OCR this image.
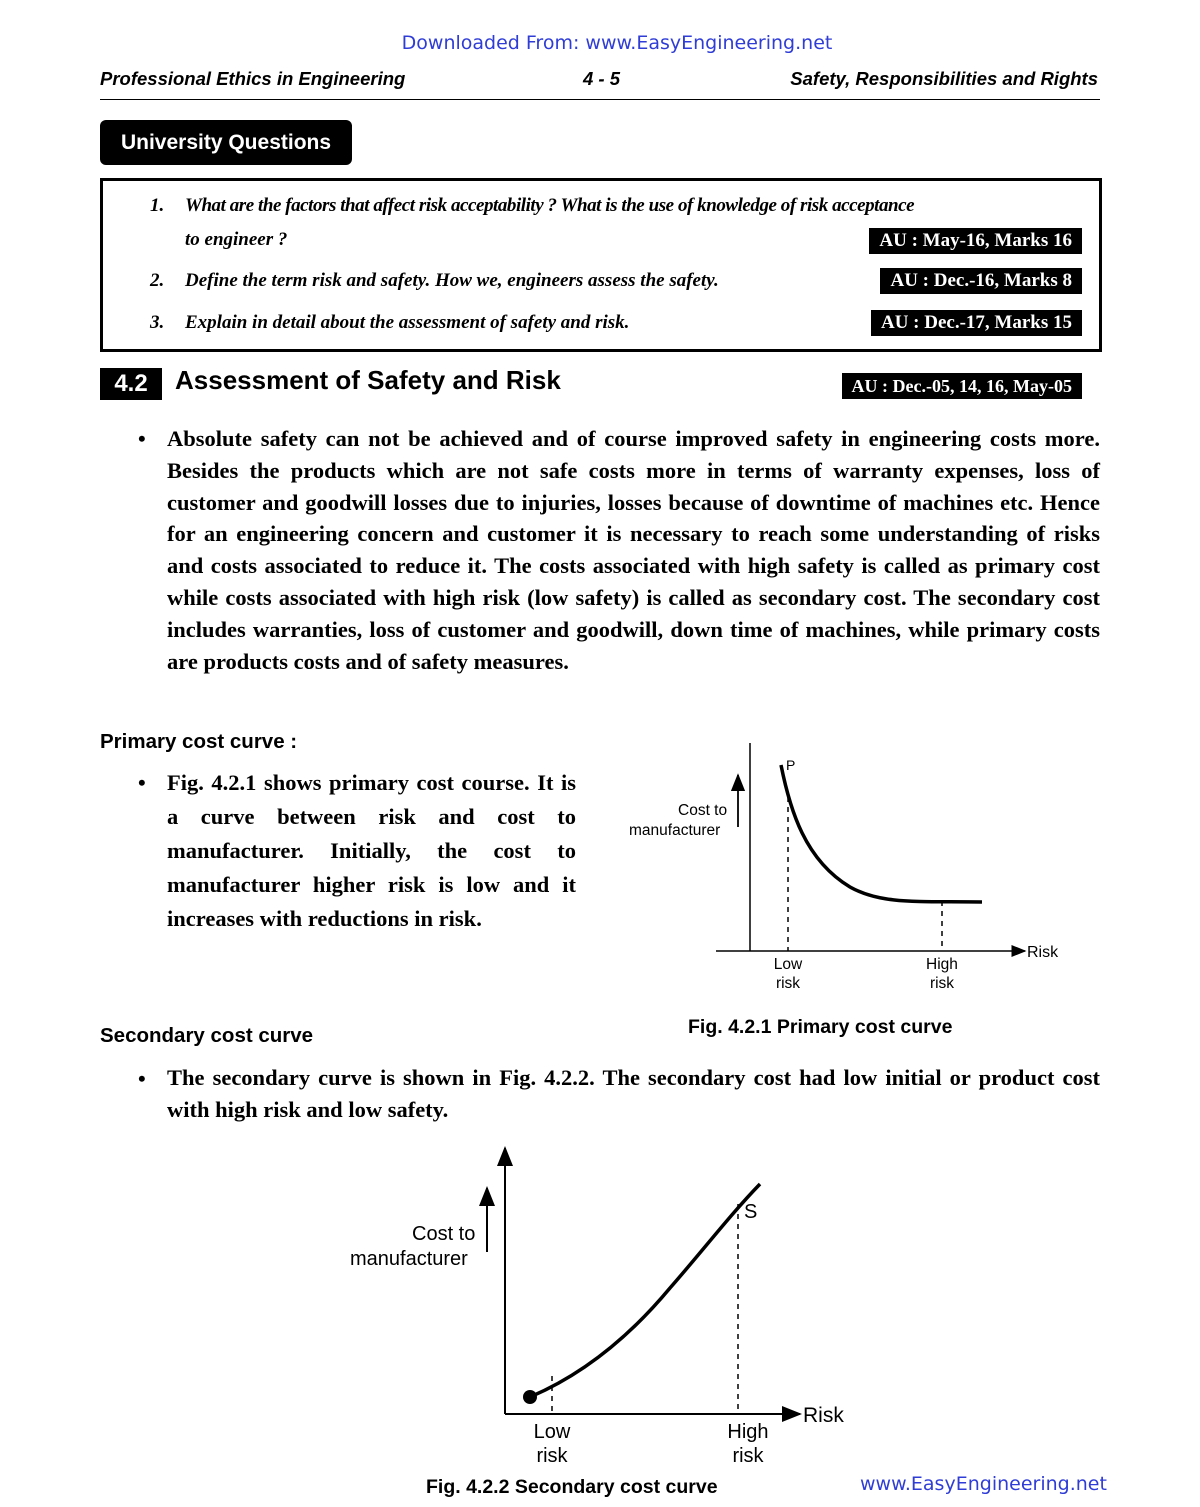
Downloaded From: www.EasyEngineering.net
Professional Ethics in Engineering	4 - 5	Safety, Responsibilities and Rights
University Questions
1. What are the factors that affect risk acceptability ? What is the use of knowledge of risk acceptance
to engineer ?	AU : May-16, Marks 16
2. Define the term risk and safety. How we, engineers assess the safety.	AU : Dec.-16, Marks 8
3. Explain in detail about the assessment of safety and risk.	AU : Dec.-17, Marks 15
4.2	Assessment of Safety and Risk	AU : Dec.-05, 14, 16, May-05
• Absolute safety can not be achieved and of course improved safety in engineering costs more. Besides the products which are not safe costs more in terms of warranty expenses, loss of customer and goodwill losses due to injuries, losses because of downtime of machines etc. Hence for an engineering concern and customer it is necessary to reach some understanding of risks and costs associated to reduce it. The costs associated with high safety is called as primary cost while costs associated with high risk (low safety) is called as secondary cost. The secondary cost includes warranties, loss of customer and goodwill, down time of machines, while primary costs are products costs and of safety measures.
Primary cost curve :
• Fig. 4.2.1 shows primary cost course. It is a curve between risk and cost to manufacturer. Initially, the cost to manufacturer higher risk is low and it increases with reductions in risk.
P
Cost to
manufacturer
Risk
Low
risk
High
risk
Fig. 4.2.1 Primary cost curve
Secondary cost curve
• The secondary curve is shown in Fig. 4.2.2. The secondary cost had low initial or product cost with high risk and low safety.
S
Cost to
manufacturer
Risk
Low
risk
High
risk
Fig. 4.2.2 Secondary cost curve	www.EasyEngineering.net
